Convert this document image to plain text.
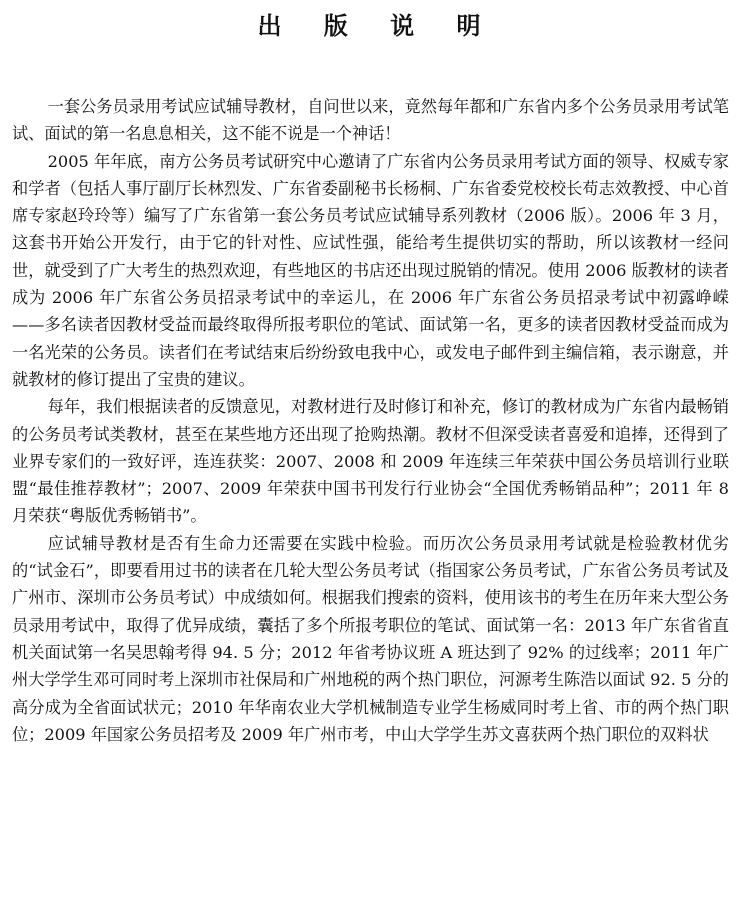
出 版 说 明

一套公务员录用考试应试辅导教材，自问世以来，竟然每年都和广东省内多个公务员录用考试笔试、面试的第一名息息相关，这不能不说是一个神话！

2005 年年底，南方公务员考试研究中心邀请了广东省内公务员录用考试方面的领导、权威专家和学者（包括人事厅副厅长林烈发、广东省委副秘书长杨桐、广东省委党校校长苟志效教授、中心首席专家赵玲玲等）编写了广东省第一套公务员考试应试辅导系列教材（2006 版）。2006 年 3 月，这套书开始公开发行，由于它的针对性、应试性强，能给考生提供切实的帮助，所以该教材一经问世，就受到了广大考生的热烈欢迎，有些地区的书店还出现过脱销的情况。使用 2006 版教材的读者成为 2006 年广东省公务员招录考试中的幸运儿，在 2006 年广东省公务员招录考试中初露峥嵘——多名读者因教材受益而最终取得所报考职位的笔试、面试第一名，更多的读者因教材受益而成为一名光荣的公务员。读者们在考试结束后纷纷致电我中心，或发电子邮件到主编信箱，表示谢意，并就教材的修订提出了宝贵的建议。

每年，我们根据读者的反馈意见，对教材进行及时修订和补充，修订的教材成为广东省内最畅销的公务员考试类教材，甚至在某些地方还出现了抢购热潮。教材不但深受读者喜爱和追捧，还得到了业界专家们的一致好评，连连获奖：2007、2008 和 2009 年连续三年荣获中国公务员培训行业联盟“最佳推荐教材”；2007、2009 年荣获中国书刊发行行业协会“全国优秀畅销品种”；2011 年 8 月荣获“粤版优秀畅销书”。

应试辅导教材是否有生命力还需要在实践中检验。而历次公务员录用考试就是检验教材优劣的“试金石”，即要看用过书的读者在几轮大型公务员考试（指国家公务员考试，广东省公务员考试及广州市、深圳市公务员考试）中成绩如何。根据我们搜索的资料，使用该书的考生在历年来大型公务员录用考试中，取得了优异成绩，囊括了多个所报考职位的笔试、面试第一名：2013 年广东省省直机关面试第一名吴思翰考得 94. 5 分；2012 年省考协议班 A 班达到了 92% 的过线率；2011 年广州大学学生邓可同时考上深圳市社保局和广州地税的两个热门职位，河源考生陈浩以面试 92. 5 分的高分成为全省面试状元；2010 年华南农业大学机械制造专业学生杨威同时考上省、市的两个热门职位；2009 年国家公务员招考及 2009 年广州市考，中山大学学生苏文喜获两个热门职位的双料状
